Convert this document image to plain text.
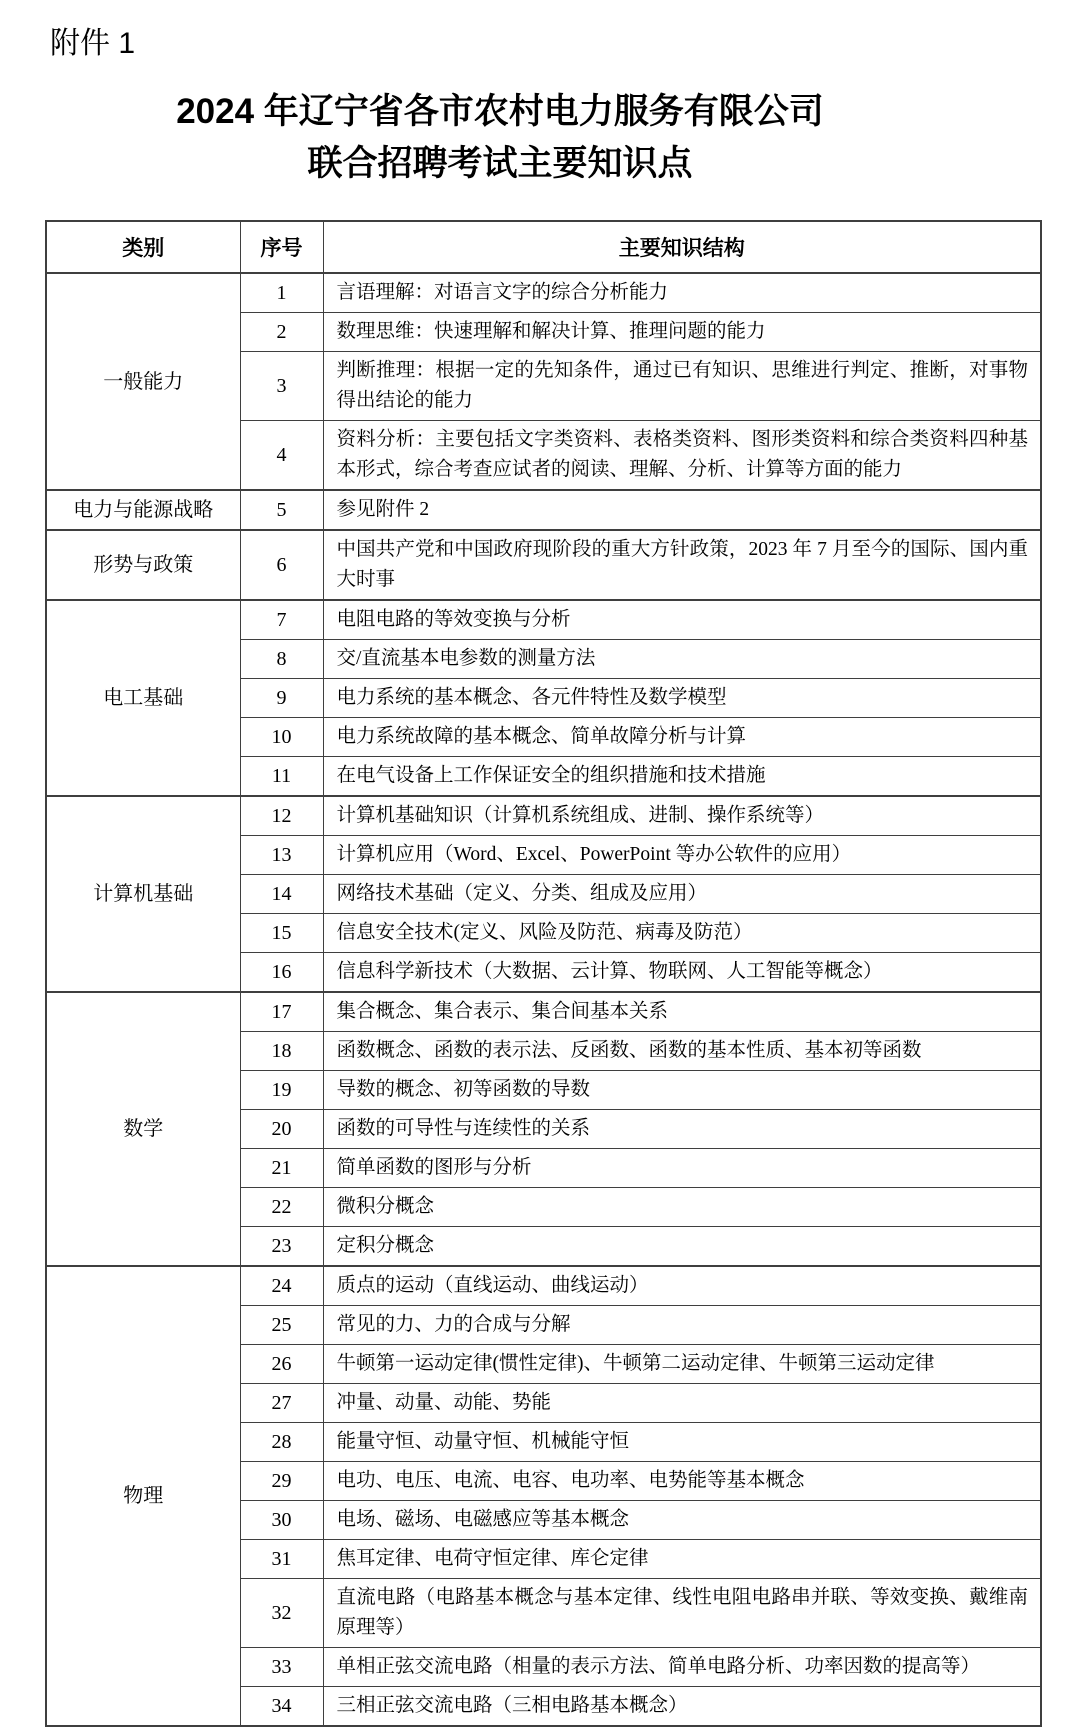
附件 1
2024 年辽宁省各市农村电力服务有限公司
联合招聘考试主要知识点
类别	序号	主要知识结构
一般能力	1	言语理解：对语言文字的综合分析能力
	2	数理思维：快速理解和解决计算、推理问题的能力
	3	判断推理：根据一定的先知条件，通过已有知识、思维进行判定、推断，对事物得出结论的能力
	4	资料分析：主要包括文字类资料、表格类资料、图形类资料和综合类资料四种基本形式，综合考查应试者的阅读、理解、分析、计算等方面的能力
电力与能源战略	5	参见附件 2
形势与政策	6	中国共产党和中国政府现阶段的重大方针政策，2023 年 7 月至今的国际、国内重大时事
电工基础	7	电阻电路的等效变换与分析
	8	交/直流基本电参数的测量方法
	9	电力系统的基本概念、各元件特性及数学模型
	10	电力系统故障的基本概念、简单故障分析与计算
	11	在电气设备上工作保证安全的组织措施和技术措施
计算机基础	12	计算机基础知识（计算机系统组成、进制、操作系统等）
	13	计算机应用（Word、Excel、PowerPoint 等办公软件的应用）
	14	网络技术基础（定义、分类、组成及应用）
	15	信息安全技术(定义、风险及防范、病毒及防范）
	16	信息科学新技术（大数据、云计算、物联网、人工智能等概念）
数学	17	集合概念、集合表示、集合间基本关系
	18	函数概念、函数的表示法、反函数、函数的基本性质、基本初等函数
	19	导数的概念、初等函数的导数
	20	函数的可导性与连续性的关系
	21	简单函数的图形与分析
	22	微积分概念
	23	定积分概念
物理	24	质点的运动（直线运动、曲线运动）
	25	常见的力、力的合成与分解
	26	牛顿第一运动定律(惯性定律)、牛顿第二运动定律、牛顿第三运动定律
	27	冲量、动量、动能、势能
	28	能量守恒、动量守恒、机械能守恒
	29	电功、电压、电流、电容、电功率、电势能等基本概念
	30	电场、磁场、电磁感应等基本概念
	31	焦耳定律、电荷守恒定律、库仑定律
	32	直流电路（电路基本概念与基本定律、线性电阻电路串并联、等效变换、戴维南原理等）
	33	单相正弦交流电路（相量的表示方法、简单电路分析、功率因数的提高等）
	34	三相正弦交流电路（三相电路基本概念）
